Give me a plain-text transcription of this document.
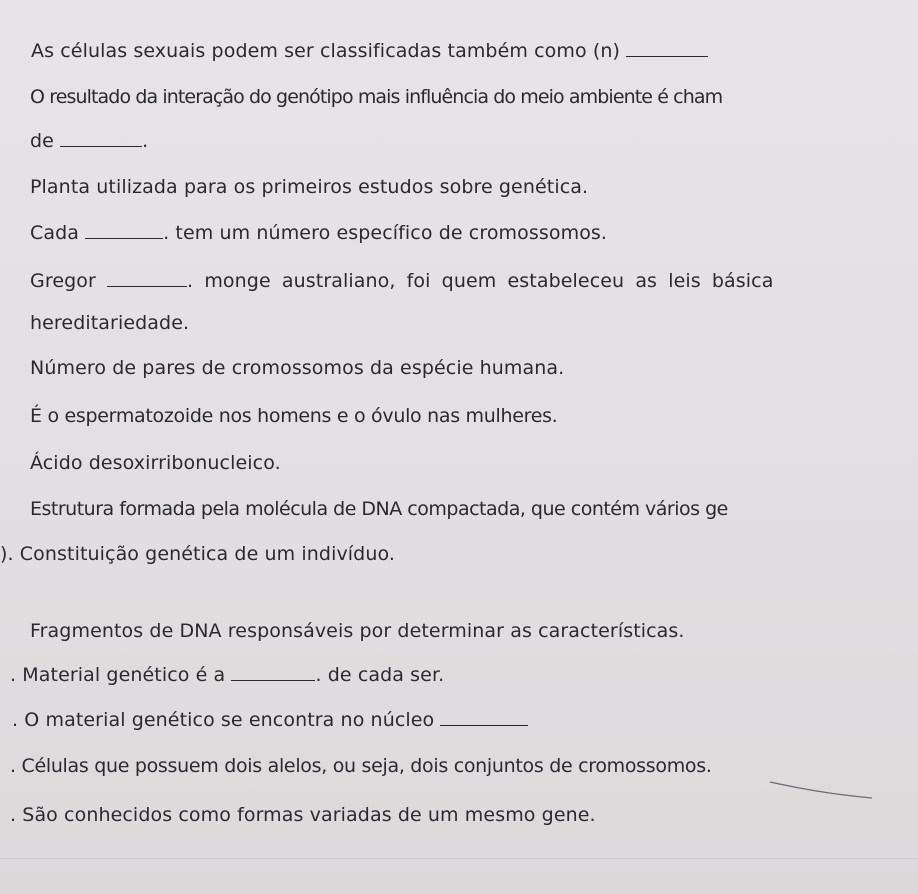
As células sexuais podem ser classificadas também como (n)
O resultado da interação do genótipo mais influência do meio ambiente é cham
de	.
Planta utilizada para os primeiros estudos sobre genética.
Cada	. tem um número específico de cromossomos.
Gregor	. monge australiano, foi quem estabeleceu as leis básica
hereditariedade.
Número de pares de cromossomos da espécie humana.
É o espermatozoide nos homens e o óvulo nas mulheres.
Ácido desoxirribonucleico.
Estrutura formada pela molécula de DNA compactada, que contém vários ge
). Constituição genética de um indivíduo.
Fragmentos de DNA responsáveis por determinar as características.
. Material genético é a	. de cada ser.
. O material genético se encontra no núcleo
. Células que possuem dois alelos, ou seja, dois conjuntos de cromossomos.
. São conhecidos como formas variadas de um mesmo gene.
